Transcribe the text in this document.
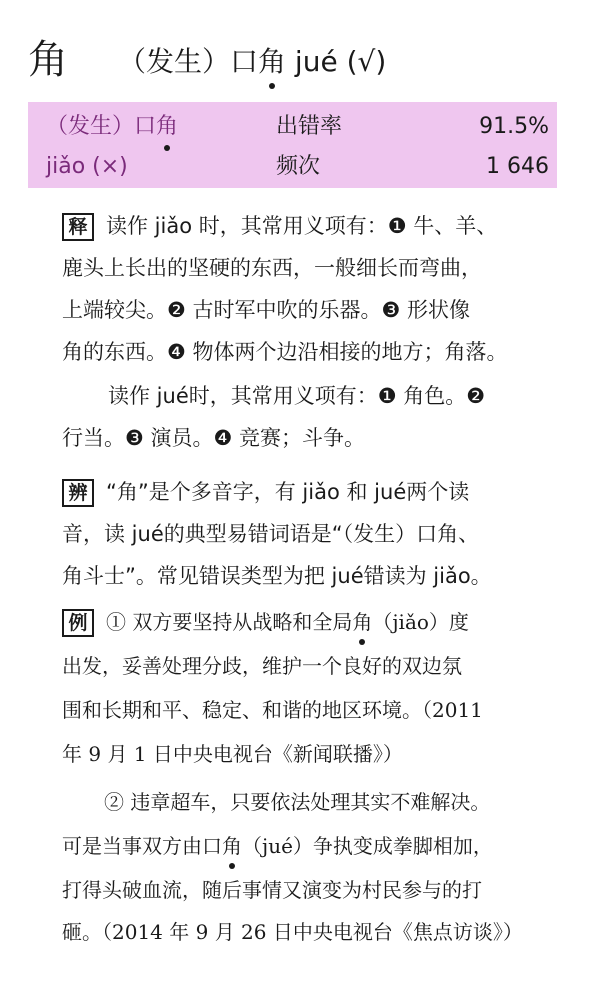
角 （发生）口角 jué (√)
（发生）口角	出错率	91.5%
jiǎo (×)	频次	1 646
释 读作 jiǎo 时，其常用义项有：❶ 牛、羊、
鹿头上长出的坚硬的东西，一般细长而弯曲，
上端较尖。❷ 古时军中吹的乐器。❸ 形状像
角的东西。❹ 物体两个边沿相接的地方；角落。
读作 jué时，其常用义项有：❶ 角色。❷
行当。❸ 演员。❹ 竞赛；斗争。
辨 “角”是个多音字，有 jiǎo 和 jué两个读
音，读 jué的典型易错词语是“（发生）口角、
角斗士”。常见错误类型为把 jué错读为 jiǎo。
例 ① 双方要坚持从战略和全局角（jiǎo）度
出发，妥善处理分歧，维护一个良好的双边氛
围和长期和平、稳定、和谐的地区环境。（2011
年 9 月 1 日中央电视台《新闻联播》）
② 违章超车，只要依法处理其实不难解决。
可是当事双方由口角（jué）争执变成拳脚相加，
打得头破血流，随后事情又演变为村民参与的打
砸。（2014 年 9 月 26 日中央电视台《焦点访谈》）
